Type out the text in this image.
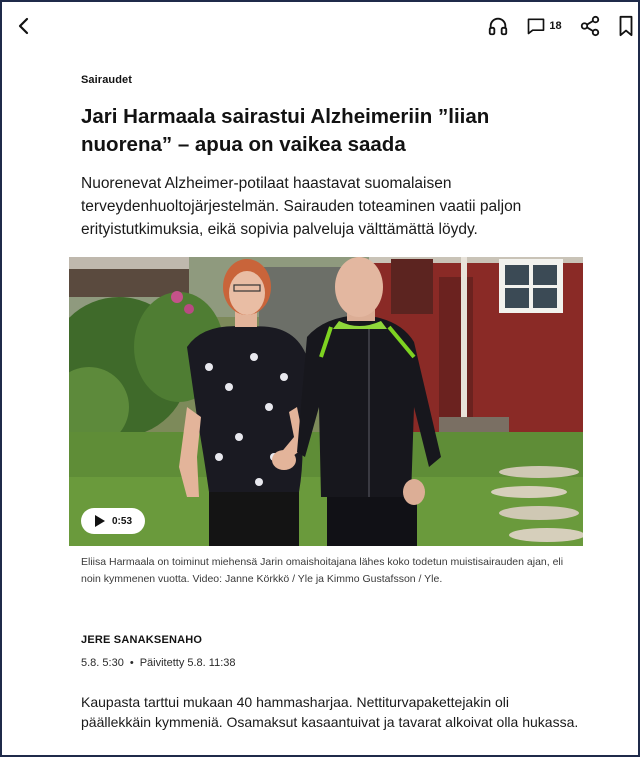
18
Sairaudet
Jari Harmaala sairastui Alzheimeriin ”liian nuorena” – apua on vaikea saada

Nuorenevat Alzheimer-potilaat haastavat suomalaisen terveydenhuoltojärjestelmän. Sairauden toteaminen vaatii paljon erityistutkimuksia, eikä sopivia palveluja välttämättä löydy.

0:53

Eliisa Harmaala on toiminut miehensä Jarin omaishoitajana lähes koko todetun muistisairauden ajan, eli noin kymmenen vuotta. Video: Janne Körkkö / Yle ja Kimmo Gustafsson / Yle.

JERE SANAKSENAHO
5.8. 5:30 • Päivitetty 5.8. 11:38

Kaupasta tarttui mukaan 40 hammasharjaa. Nettiturvapakettejakin oli päällekkäin kymmeniä. Osamaksut kasaantuivat ja tavarat alkoivat olla hukassa.
